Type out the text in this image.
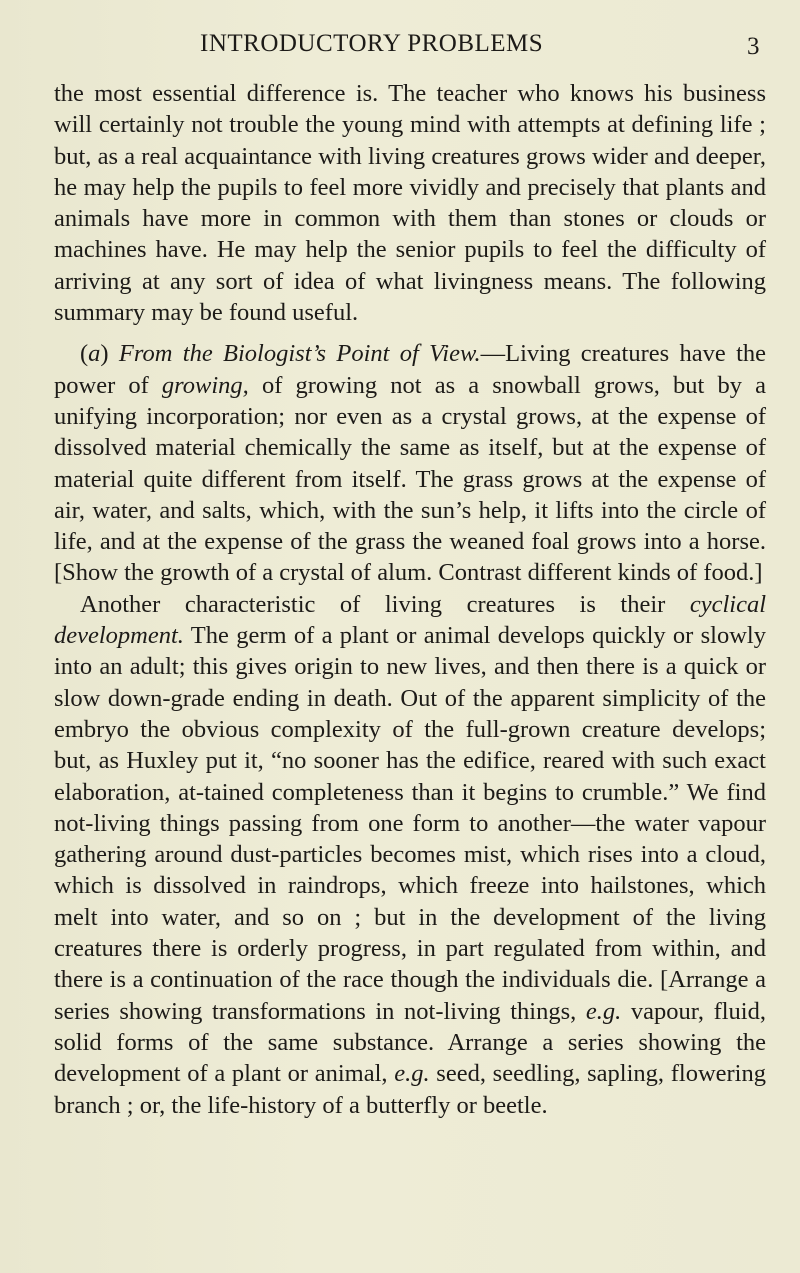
INTRODUCTORY PROBLEMS	3

the most essential difference is. The teacher who knows his business will certainly not trouble the young mind with attempts at defining life ; but, as a real acquaintance with living creatures grows wider and deeper, he may help the pupils to feel more vividly and precisely that plants and animals have more in common with them than stones or clouds or machines have. He may help the senior pupils to feel the difficulty of arriving at any sort of idea of what livingness means. The following summary may be found useful.

(a) From the Biologist’s Point of View.—Living creatures have the power of growing, of growing not as a snowball grows, but by a unifying incorporation; nor even as a crystal grows, at the expense of dissolved material chemically the same as itself, but at the expense of material quite different from itself. The grass grows at the expense of air, water, and salts, which, with the sun’s help, it lifts into the circle of life, and at the expense of the grass the weaned foal grows into a horse. [Show the growth of a crystal of alum. Contrast different kinds of food.]

Another characteristic of living creatures is their cyclical development. The germ of a plant or animal develops quickly or slowly into an adult; this gives origin to new lives, and then there is a quick or slow down-grade ending in death. Out of the apparent simplicity of the embryo the obvious complexity of the full-grown creature develops; but, as Huxley put it, “no sooner has the edifice, reared with such exact elaboration, at-tained completeness than it begins to crumble.” We find not-living things passing from one form to another—the water vapour gathering around dust-particles becomes mist, which rises into a cloud, which is dissolved in raindrops, which freeze into hailstones, which melt into water, and so on ; but in the development of the living creatures there is orderly progress, in part regulated from within, and there is a continuation of the race though the individuals die. [Arrange a series showing transformations in not-living things, e.g. vapour, fluid, solid forms of the same substance. Arrange a series showing the development of a plant or animal, e.g. seed, seedling, sapling, flowering branch ; or, the life-history of a butterfly or beetle.
